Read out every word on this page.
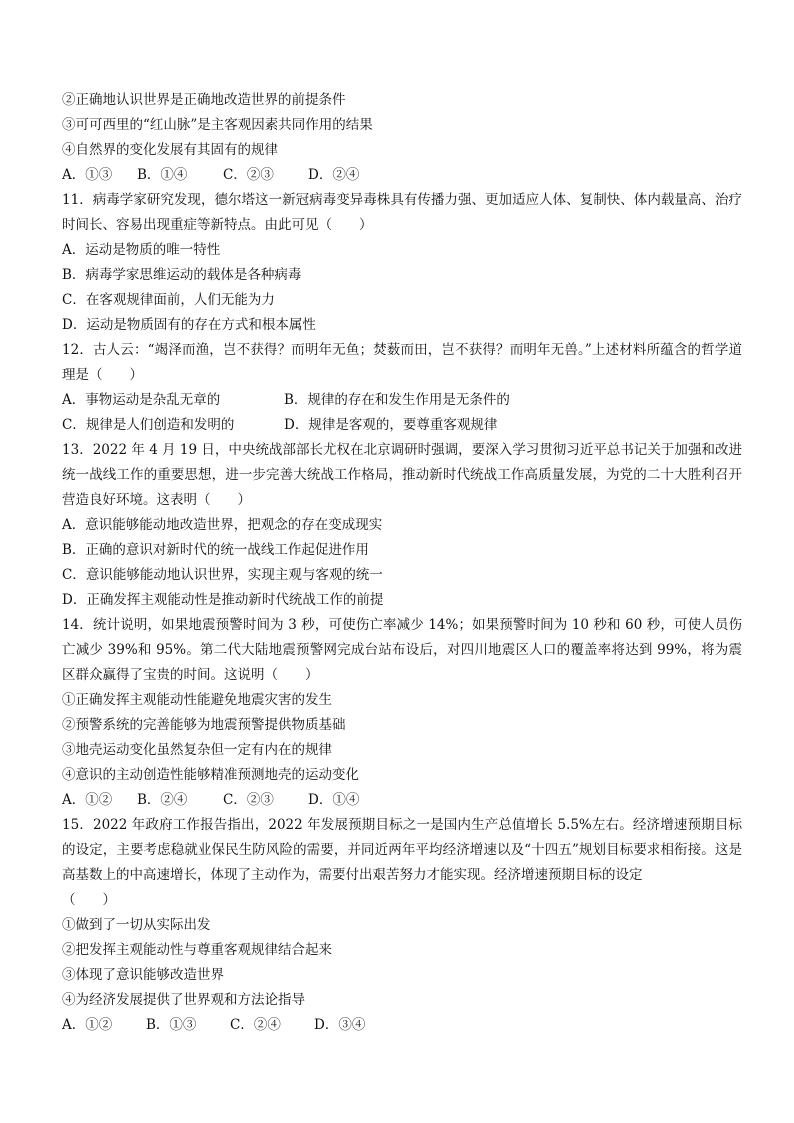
②正确地认识世界是正确地改造世界的前提条件
③可可西里的“红山脉”是主客观因素共同作用的结果
④自然界的变化发展有其固有的规律
A．①③	B．①④	C．②③	D．②④
11．病毒学家研究发现，德尔塔这一新冠病毒变异毒株具有传播力强、更加适应人体、复制快、体内载量高、治疗时间长、容易出现重症等新特点。由此可见（　　）
A．运动是物质的唯一特性
B．病毒学家思维运动的载体是各种病毒
C．在客观规律面前，人们无能为力
D．运动是物质固有的存在方式和根本属性
12．古人云：“竭泽而渔，岂不获得？而明年无鱼；焚薮而田，岂不获得？而明年无兽。”上述材料所蕴含的哲学道理是（　　）
A．事物运动是杂乱无章的	B．规律的存在和发生作用是无条件的
C．规律是人们创造和发明的	D．规律是客观的，要尊重客观规律
13．2022 年 4 月 19 日，中央统战部部长尤权在北京调研时强调，要深入学习贯彻习近平总书记关于加强和改进统一战线工作的重要思想，进一步完善大统战工作格局，推动新时代统战工作高质量发展，为党的二十大胜利召开营造良好环境。这表明（　　）
A．意识能够能动地改造世界，把观念的存在变成现实
B．正确的意识对新时代的统一战线工作起促进作用
C．意识能够能动地认识世界，实现主观与客观的统一
D．正确发挥主观能动性是推动新时代统战工作的前提
14．统计说明，如果地震预警时间为 3 秒，可使伤亡率减少 14%；如果预警时间为 10 秒和 60 秒，可使人员伤亡减少 39%和 95%。第二代大陆地震预警网完成台站布设后，对四川地震区人口的覆盖率将达到 99%，将为震区群众赢得了宝贵的时间。这说明（　　）
①正确发挥主观能动性能避免地震灾害的发生
②预警系统的完善能够为地震预警提供物质基础
③地壳运动变化虽然复杂但一定有内在的规律
④意识的主动创造性能够精准预测地壳的运动变化
A．①②	B．②④	C．②③	D．①④
15．2022 年政府工作报告指出，2022 年发展预期目标之一是国内生产总值增长 5.5%左右。经济增速预期目标的设定，主要考虑稳就业保民生防风险的需要，并同近两年平均经济增速以及“十四五”规划目标要求相衔接。这是高基数上的中高速增长，体现了主动作为，需要付出艰苦努力才能实现。经济增速预期目标的设定
（　　）
①做到了一切从实际出发
②把发挥主观能动性与尊重客观规律结合起来
③体现了意识能够改造世界
④为经济发展提供了世界观和方法论指导
A．①②	B．①③	C．②④	D．③④
